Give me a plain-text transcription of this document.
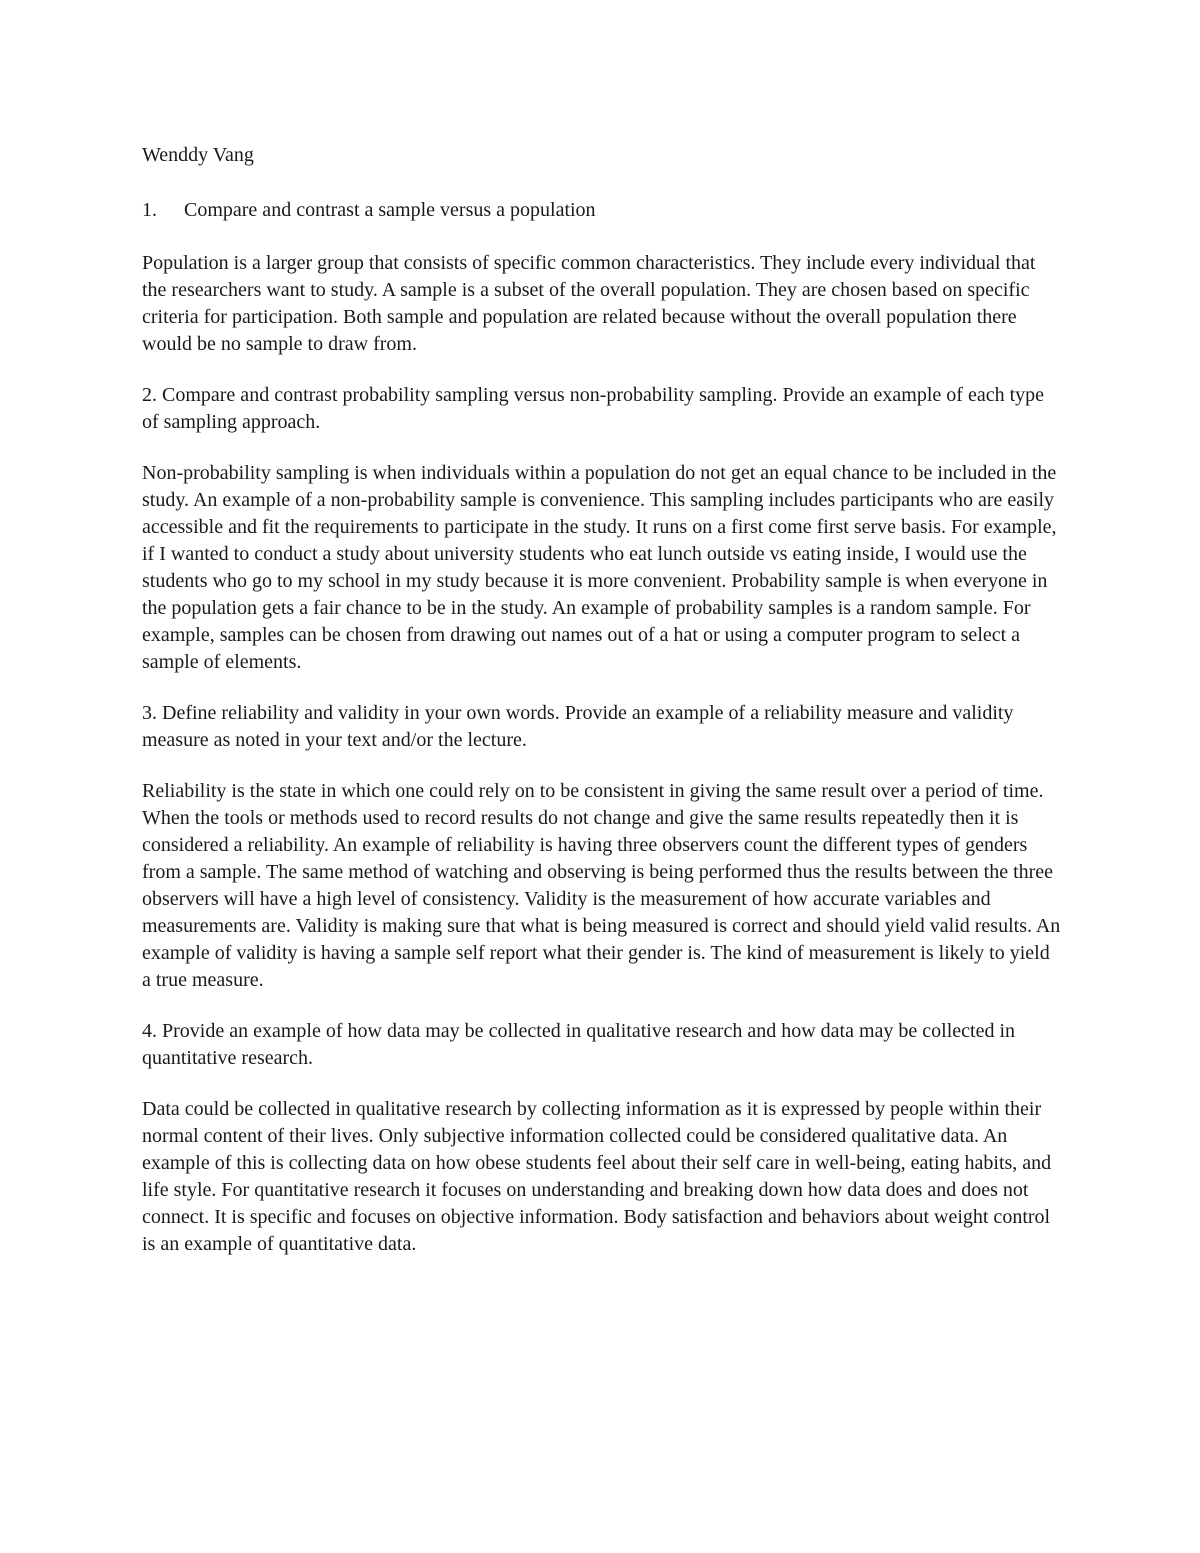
Wenddy Vang

1.	Compare and contrast a sample versus a population

Population is a larger group that consists of specific common characteristics. They include every individual that the researchers want to study. A sample is a subset of the overall population. They are chosen based on specific criteria for participation. Both sample and population are related because without the overall population there would be no sample to draw from.

2. Compare and contrast probability sampling versus non-probability sampling. Provide an example of each type of sampling approach.

Non-probability sampling is when individuals within a population do not get an equal chance to be included in the study. An example of a non-probability sample is convenience. This sampling includes participants who are easily accessible and fit the requirements to participate in the study. It runs on a first come first serve basis. For example, if I wanted to conduct a study about university students who eat lunch outside vs eating inside, I would use the students who go to my school in my study because it is more convenient. Probability sample is when everyone in the population gets a fair chance to be in the study. An example of probability samples is a random sample. For example, samples can be chosen from drawing out names out of a hat or using a computer program to select a sample of elements.

3. Define reliability and validity in your own words. Provide an example of a reliability measure and validity measure as noted in your text and/or the lecture.

Reliability is the state in which one could rely on to be consistent in giving the same result over a period of time. When the tools or methods used to record results do not change and give the same results repeatedly then it is considered a reliability. An example of reliability is having three observers count the different types of genders from a sample. The same method of watching and observing is being performed thus the results between the three observers will have a high level of consistency. Validity is the measurement of how accurate variables and measurements are. Validity is making sure that what is being measured is correct and should yield valid results. An example of validity is having a sample self report what their gender is. The kind of measurement is likely to yield a true measure.

4. Provide an example of how data may be collected in qualitative research and how data may be collected in quantitative research.

Data could be collected in qualitative research by collecting information as it is expressed by people within their normal content of their lives. Only subjective information collected could be considered qualitative data. An example of this is collecting data on how obese students feel about their self care in well-being, eating habits, and life style. For quantitative research it focuses on understanding and breaking down how data does and does not connect. It is specific and focuses on objective information. Body satisfaction and behaviors about weight control is an example of quantitative data.
